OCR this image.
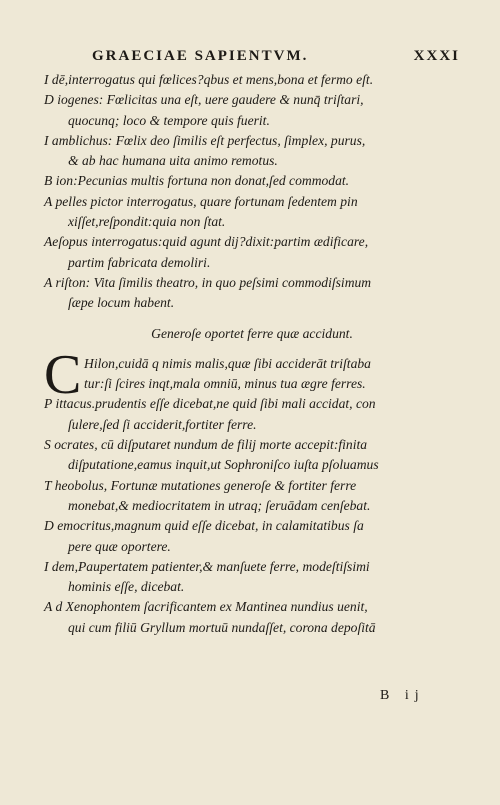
GRAECIAE SAPIENTVM.	XXXI
I dē,interrogatus qui fœlices?qbus et mens,bona et fermo eſt.
D iogenes: Fœlicitas una eſt, uere gaudere & nunq̄ triſtari,
quocunq; loco & tempore quis fuerit.
I amblichus: Fœlix deo ſimilis eſt perfectus, ſimplex, purus,
& ab hac humana uita animo remotus.
B ion:Pecunias multis fortuna non donat,ſed commodat.
A pelles pictor interrogatus, quare fortunam ſedentem pin
xiſſet,reſpondit:quia non ſtat.
Aeſopus interrogatus:quid agunt dij?dixit:partim ædificare,
partim fabricata demoliri.
A riſton: Vita ſimilis theatro, in quo peſsimi commodiſsimum
ſæpe locum habent.
Generoſe oportet ferre quæ accidunt.
C Hilon,cuidā q nimis malis,quæ ſibi acciderāt triſtaba
tur:ſi ſcires inqt,mala omniū, minus tua ægre ferres.
P ittacus.prudentis eſſe dicebat,ne quid ſibi mali accidat, con
ſulere,ſed ſi acciderit,fortiter ferre.
S ocrates, cū diſputaret nundum de filij morte accepit:finita
diſputatione,eamus inquit,ut Sophroniſco iuſta pſoluamus
T heobolus, Fortunæ mutationes generoſe & fortiter ferre
monebat,& mediocritatem in utraq; ſeruādam cenſebat.
D emocritus,magnum quid eſſe dicebat, in calamitatibus ſa
pere quæ oportere.
I dem,Paupertatem patienter,& manſuete ferre, modeſtiſsimi
hominis eſſe, dicebat.
A d Xenophontem ſacrificantem ex Mantinea nundius uenit,
qui cum filiū Gryllum mortuū nundaſſet, corona depoſitā
B ij
